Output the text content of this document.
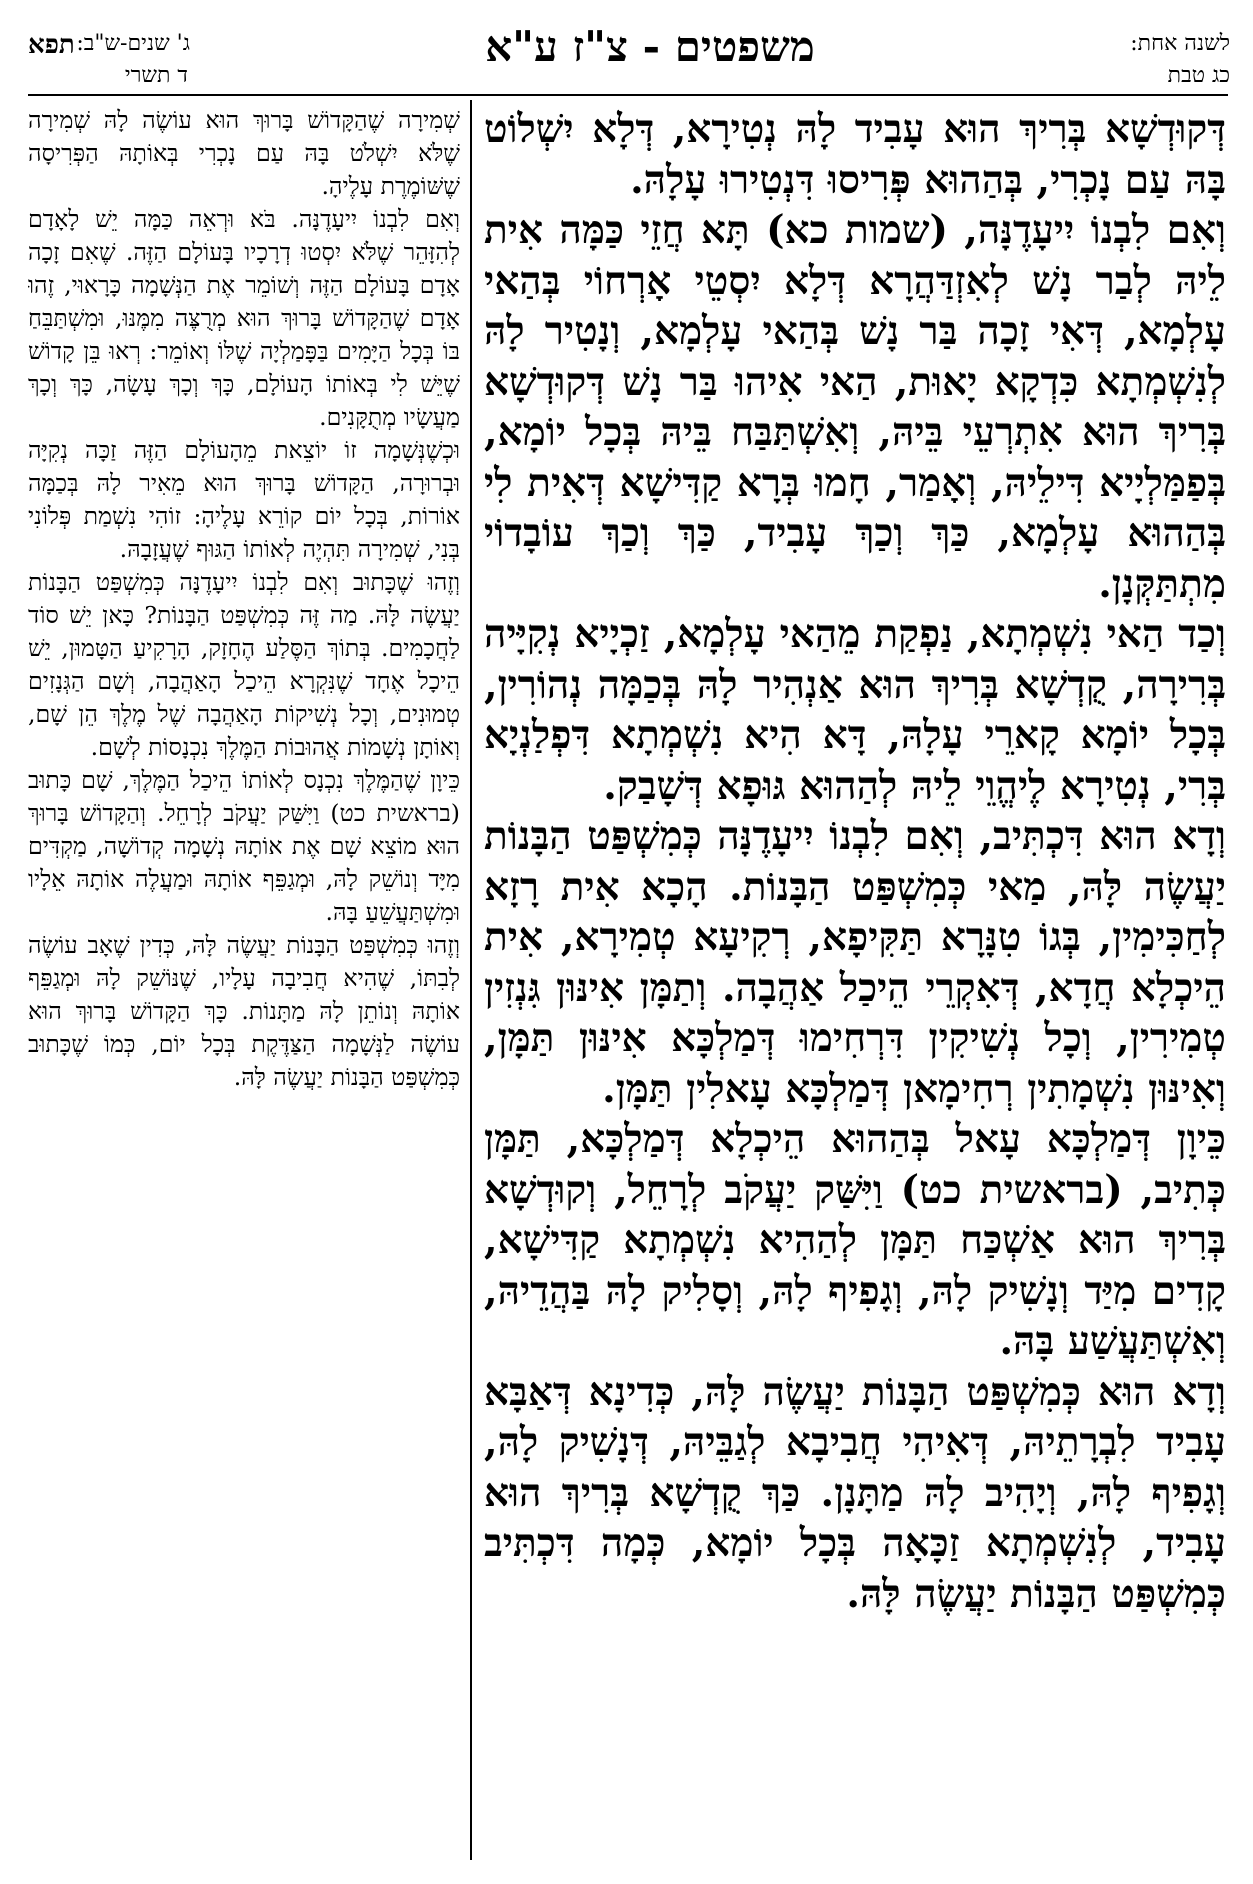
לשנה אחת:
כג טבת
משפטים - צ"ז ע"א
ג' שנים-ש"ב:
תפא
ד תשרי

דְּקוּדְשָׁא בְּרִיךְ הוּא עָבִיד לָהּ נְטִירָא, דְּלָא יִשְׁלוֹט בָּהּ עַם נָכְרִי, בְּהַהוּא פְּרִיסוּ דִּנְטִירוּ עָלָהּ.

וְאִם לִבְנוֹ יִיעָדֶנָּה, (שמות כא) תָּא חֲזֵי כַּמָּה אִית לֵיהּ לְבַר נָשׁ לְאִזְדַּהֲרָא דְּלָא יִסְטֵי אָרְחוֹי בְּהַאי עָלְמָא, דְּאִי זָכָה בַּר נָשׁ בְּהַאי עָלְמָא, וְנָטִיר לָהּ לְנִשְׁמְתָא כִּדְקָא יָאוּת, הַאי אִיהוּ בַּר נָשׁ דְּקוּדְשָׁא בְּרִיךְ הוּא אִתְרְעֵי בֵּיהּ, וְאִשְׁתַּבַּח בֵּיהּ בְּכָל יוֹמָא, בְּפַמַּלְיָיא דִּילֵיהּ, וְאָמַר, חָמוּ בְּרָא קַדִּישָׁא דְּאִית לִי בְּהַהוּא עָלְמָא, כַּךְ וְכַךְ עָבִיד, כַּךְ וְכַךְ עוֹבָדוֹי מִתְתַּקְּנָן.

וְכַד הַאי נִשְׁמְתָא, נַפְקַת מֵהַאי עָלְמָא, זַכְיָיא נְקִיָּיה בְּרִירָה, קֻדְשָׁא בְּרִיךְ הוּא אַנְהִיר לָהּ בְּכַמָּה נְהוֹרִין, בְּכָל יוֹמָא קָארֵי עָלָהּ, דָּא הִיא נִשְׁמְתָא דִּפְלַנְיָא בְּרִי, נְטִירָא לֶיהֱוֵי לֵיהּ לְהַהוּא גּוּפָא דְּשָׁבַק.

וְדָא הוּא דִּכְתִּיב, וְאִם לִבְנוֹ יִיעָדֶנָּה כְּמִשְׁפַּט הַבָּנוֹת יַעֲשֶׂה לָּהּ, מַאי כְּמִשְׁפַּט הַבָּנוֹת. הָכָא אִית רָזָא לְחַכִּימִין, בְּגוֹ טִנָּרָא תַּקִּיפָא, רְקִיעָא טְמִירָא, אִית הֵיכְלָא חֲדָא, דְּאִקְרֵי הֵיכַל אַהֲבָה. וְתַמָּן אִינּוּן גִּנְזִין טְמִירִין, וְכָל נְשִׁיקִין דִּרְחִימוּ דְּמַלְכָּא אִינּוּן תַּמָּן, וְאִינּוּן נִשְׁמָתִין רְחִימָאן דְּמַלְכָּא עָאלִין תַּמָּן.

כֵּיוָן דְּמַלְכָּא עָאל בְּהַהוּא הֵיכְלָא דְּמַלְכָּא, תַּמָּן כְּתִיב, (בראשית כט) וַיִּשַּׁק יַעֲקֹב לְרָחֵל, וְקוּדְשָׁא בְּרִיךְ הוּא אַשְׁכַּח תַּמָּן לְהַהִיא נִשְׁמְתָא קַדִּישָׁא, קָדִים מִיַּד וְנָשִׁיק לָהּ, וְגָפִיף לָהּ, וְסָלִיק לָהּ בַּהֲדֵיהּ, וְאִשְׁתַּעֲשַׁע בָּהּ.

וְדָא הוּא כְּמִשְׁפַּט הַבָּנוֹת יַעֲשֶׂה לָּהּ, כְּדִינָא דְּאַבָּא עָבִיד לִבְרָתֵיהּ, דְּאִיהִי חֲבִיבָא לְגַבֵּיהּ, דְּנָשִׁיק לָהּ, וְגָפִיף לָהּ, וְיָהִיב לָהּ מַתָּנָן. כַּךְ קֻדְשָׁא בְּרִיךְ הוּא עָבִיד, לְנִשְׁמְתָא זַכָּאָה בְּכָל יוֹמָא, כְּמָה דִּכְתִּיב כְּמִשְׁפַּט הַבָּנוֹת יַעֲשֶׂה לָּהּ.

שְׁמִירָה שֶׁהַקָּדוֹשׁ בָּרוּךְ הוּא עוֹשֶׂה לָהּ שְׁמִירָה שֶׁלֹּא יִשְׁלֹט בָּהּ עַם נָכְרִי בְּאוֹתָהּ הַפְּרִיסָה שֶׁשּׁוֹמֶרֶת עָלֶיהָ.

וְאִם לִבְנוֹ יִיעָדֶנָּה. בֹּא וּרְאֵה כַּמָּה יֵשׁ לָאָדָם לְהִזָּהֵר שֶׁלֹּא יִסְטוּ דְרָכָיו בָּעוֹלָם הַזֶּה. שֶׁאִם זָכָה אָדָם בָּעוֹלָם הַזֶּה וְשׁוֹמֵר אֶת הַנְּשָׁמָה כָּרָאוּי, זֶהוּ אָדָם שֶׁהַקָּדוֹשׁ בָּרוּךְ הוּא מְרֻצֶּה מִמֶּנּוּ, וּמִשְׁתַּבֵּחַ בּוֹ בְּכָל הַיָּמִים בַּפָּמַלְיָה שֶׁלּוֹ וְאוֹמֵר: רְאוּ בֵּן קָדוֹשׁ שֶׁיֵּשׁ לִי בְּאוֹתוֹ הָעוֹלָם, כָּךְ וְכָךְ עָשָׂה, כָּךְ וְכָךְ מַעֲשָׂיו מְתֻקָּנִים.

וּכְשֶׁנְּשָׁמָה זוֹ יוֹצֵאת מֵהָעוֹלָם הַזֶּה זַכָּה נְקִיָּה וּבְרוּרָה, הַקָּדוֹשׁ בָּרוּךְ הוּא מֵאִיר לָהּ בְּכַמָּה אוֹרוֹת, בְּכָל יוֹם קוֹרֵא עָלֶיהָ: זוֹהִי נִשְׁמַת פְּלוֹנִי בְּנִי, שְׁמִירָה תִּהְיֶה לְאוֹתוֹ הַגּוּף שֶׁעֲזָבָהּ.

וְזֶהוּ שֶׁכָּתוּב וְאִם לִבְנוֹ יִיעָדֶנָּה כְּמִשְׁפַּט הַבָּנוֹת יַעֲשֶׂה לָּהּ. מַה זֶּה כְּמִשְׁפַּט הַבָּנוֹת? כָּאן יֵשׁ סוֹד לַחֲכָמִים. בְּתוֹךְ הַסֶּלַע הֶחָזָק, הָרָקִיעַ הַטָּמוּן, יֵשׁ הֵיכָל אֶחָד שֶׁנִּקְרָא הֵיכַל הָאַהֲבָה, וְשָׁם הַגְּנָזִים טְמוּנִים, וְכָל נְשִׁיקוֹת הָאַהֲבָה שֶׁל מֶלֶךְ הֵן שָׁם, וְאוֹתָן נְשָׁמוֹת אֲהוּבוֹת הַמֶּלֶךְ נִכְנָסוֹת לְשָׁם.

כֵּיוָן שֶׁהַמֶּלֶךְ נִכְנָס לְאוֹתוֹ הֵיכַל הַמֶּלֶךְ, שָׁם כָּתוּב (בראשית כט) וַיִּשַּׁק יַעֲקֹב לְרָחֵל. וְהַקָּדוֹשׁ בָּרוּךְ הוּא מוֹצֵא שָׁם אֶת אוֹתָהּ נְשָׁמָה קְדוֹשָׁה, מַקְדִּים מִיָּד וְנוֹשֵׁק לָהּ, וּמְגַפֵּף אוֹתָהּ וּמַעֲלֶה אוֹתָהּ אֵלָיו וּמִשְׁתַּעֲשֵׁעַ בָּהּ.

וְזֶהוּ כְּמִשְׁפַּט הַבָּנוֹת יַעֲשֶׂה לָּהּ, כְּדִין שֶׁאָב עוֹשֶׂה לְבִתּוֹ, שֶׁהִיא חֲבִיבָה עָלָיו, שֶׁנּוֹשֵׁק לָהּ וּמְגַפֵּף אוֹתָהּ וְנוֹתֵן לָהּ מַתָּנוֹת. כָּךְ הַקָּדוֹשׁ בָּרוּךְ הוּא עוֹשֶׂה לַנְּשָׁמָה הַצַּדֶּקֶת בְּכָל יוֹם, כְּמוֹ שֶׁכָּתוּב כְּמִשְׁפַּט הַבָּנוֹת יַעֲשֶׂה לָּהּ.
